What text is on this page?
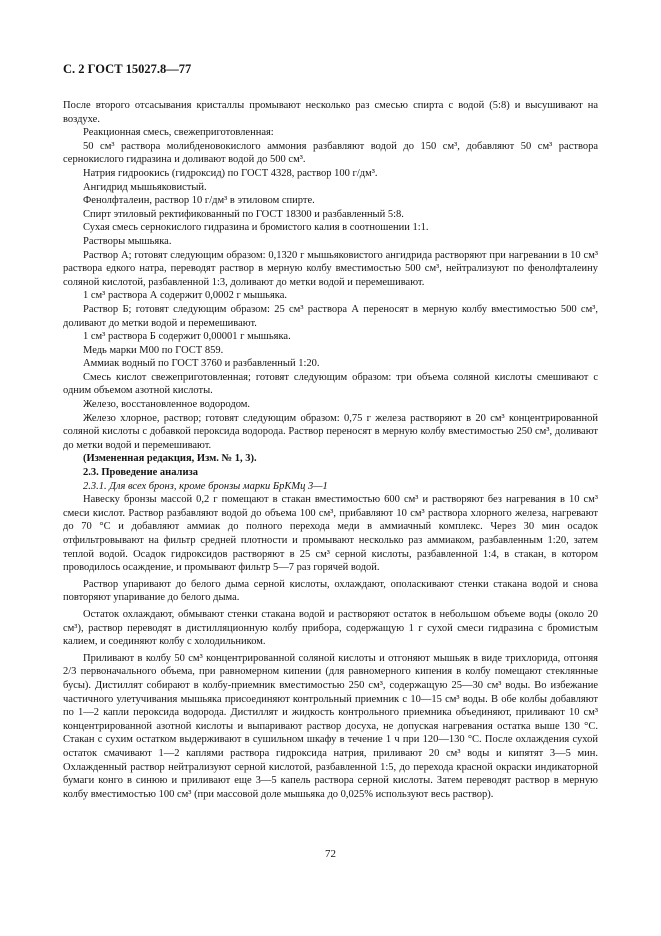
С. 2 ГОСТ 15027.8—77

После второго отсасывания кристаллы промывают несколько раз смесью спирта с водой (5:8) и высушивают на воздухе.

Реакционная смесь, свежеприготовленная:

50 см³ раствора молибденовокислого аммония разбавляют водой до 150 см³, добавляют 50 см³ раствора сернокислого гидразина и доливают водой до 500 см³.

Натрия гидроокись (гидроксид) по ГОСТ 4328, раствор 100 г/дм³.

Ангидрид мышьяковистый.

Фенолфталеин, раствор 10 г/дм³ в этиловом спирте.

Спирт этиловый ректификованный по ГОСТ 18300 и разбавленный 5:8.

Сухая смесь сернокислого гидразина и бромистого калия в соотношении 1:1.

Растворы мышьяка.

Раствор А; готовят следующим образом: 0,1320 г мышьяковистого ангидрида растворяют при нагревании в 10 см³ раствора едкого натра, переводят раствор в мерную колбу вместимостью 500 см³, нейтрализуют по фенолфталеину соляной кислотой, разбавленной 1:3, доливают до метки водой и перемешивают.

1 см³ раствора А содержит 0,0002 г мышьяка.

Раствор Б; готовят следующим образом: 25 см³ раствора А переносят в мерную колбу вместимостью 500 см³, доливают до метки водой и перемешивают.

1 см³ раствора Б содержит 0,00001 г мышьяка.

Медь марки М00 по ГОСТ 859.

Аммиак водный по ГОСТ 3760 и разбавленный 1:20.

Смесь кислот свежеприготовленная; готовят следующим образом: три объема соляной кислоты смешивают с одним объемом азотной кислоты.

Железо, восстановленное водородом.

Железо хлорное, раствор; готовят следующим образом: 0,75 г железа растворяют в 20 см³ концентрированной соляной кислоты с добавкой пероксида водорода. Раствор переносят в мерную колбу вместимостью 250 см³, доливают до метки водой и перемешивают.

(Измененная редакция, Изм. № 1, 3).

2.3. Проведение анализа

2.3.1. Для всех бронз, кроме бронзы марки БрКМц 3—1

Навеску бронзы массой 0,2 г помещают в стакан вместимостью 600 см³ и растворяют без нагревания в 10 см³ смеси кислот. Раствор разбавляют водой до объема 100 см³, прибавляют 10 см³ раствора хлорного железа, нагревают до 70 °С и добавляют аммиак до полного перехода меди в аммиачный комплекс. Через 30 мин осадок отфильтровывают на фильтр средней плотности и промывают несколько раз аммиаком, разбавленным 1:20, затем теплой водой. Осадок гидроксидов растворяют в 25 см³ серной кислоты, разбавленной 1:4, в стакан, в котором проводилось осаждение, и промывают фильтр 5—7 раз горячей водой.

Раствор упаривают до белого дыма серной кислоты, охлаждают, ополаскивают стенки стакана водой и снова повторяют упаривание до белого дыма.

Остаток охлаждают, обмывают стенки стакана водой и растворяют остаток в небольшом объеме воды (около 20 см³), раствор переводят в дистилляционную колбу прибора, содержащую 1 г сухой смеси гидразина с бромистым калием, и соединяют колбу с холодильником.

Приливают в колбу 50 см³ концентрированной соляной кислоты и отгоняют мышьяк в виде трихлорида, отгоняя 2/3 первоначального объема, при равномерном кипении (для равномерного кипения в колбу помещают стеклянные бусы). Дистиллят собирают в колбу-приемник вместимостью 250 см³, содержащую 25—30 см³ воды. Во избежание частичного улетучивания мышьяка присоединяют контрольный приемник с 10—15 см³ воды. В обе колбы добавляют по 1—2 капли пероксида водорода. Дистиллят и жидкость контрольного приемника объединяют, приливают 10 см³ концентрированной азотной кислоты и выпаривают раствор досуха, не допуская нагревания остатка выше 130 °С. Стакан с сухим остатком выдерживают в сушильном шкафу в течение 1 ч при 120—130 °С. После охлаждения сухой остаток смачивают 1—2 каплями раствора гидроксида натрия, приливают 20 см³ воды и кипятят 3—5 мин. Охлажденный раствор нейтрализуют серной кислотой, разбавленной 1:5, до перехода красной окраски индикаторной бумаги конго в синюю и приливают еще 3—5 капель раствора серной кислоты. Затем переводят раствор в мерную колбу вместимостью 100 см³ (при массовой доле мышьяка до 0,025% используют весь раствор).

72
